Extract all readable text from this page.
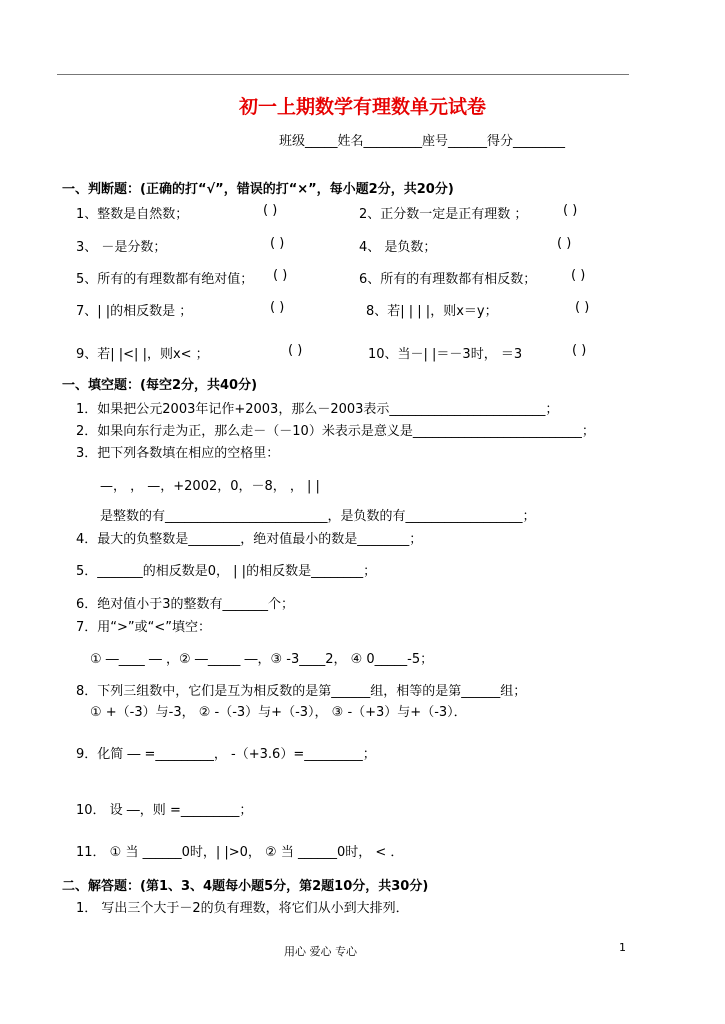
初一上期数学有理数单元试卷
班级_____姓名_________座号______得分________
一、判断题：(正确的打“√”，错误的打“×”，每小题2分，共20分)
1、整数是自然数；	( )	2、正分数一定是正有理数 ；	( )
3、 －是分数；	( )	4、 是负数；	( )
5、所有的有理数都有绝对值； ( )	6、所有的有理数都有相反数；	( )
7、| |的相反数是 ；	( )	8、若| | | |，则x＝y；	( )
9、若| |<| |，则x< ；	( )	10、当－| |＝－3时， ＝3	( )
一、填空题：(每空2分，共40分)
1．如果把公元2003年记作+2003，那么－2003表示________________________；
2．如果向东行走为正，那么走－（－10）米表示是意义是__________________________；
3．把下列各数填在相应的空格里：
—， ， —，+2002，0，－8， ， | |
是整数的有_________________________，是负数的有__________________；
4．最大的负整数是________，绝对值最小的数是________；
5．_______的相反数是0， | |的相反数是________；
6．绝对值小于3的整数有_______个；
7．用“>”或“<”填空：
① ―____ ― ，② ―_____ ―，③ -3____2， ④ 0_____-5；
8．下列三组数中，它们是互为相反数的是第______组，相等的是第______组；
① +（-3）与-3， ② -（-3）与+（-3）， ③ -（+3）与+（-3）．
9．化简 ― =_________， -（+3.6）=_________；
10． 设 ―，则 =_________；
11． ① 当 ______0时，| |>0， ② 当 ______0时， < ．
二、解答题：(第1、3、4题每小题5分，第2题10分，共30分)
1． 写出三个大于－2的负有理数，将它们从小到大排列．
用心 爱心 专心	1
